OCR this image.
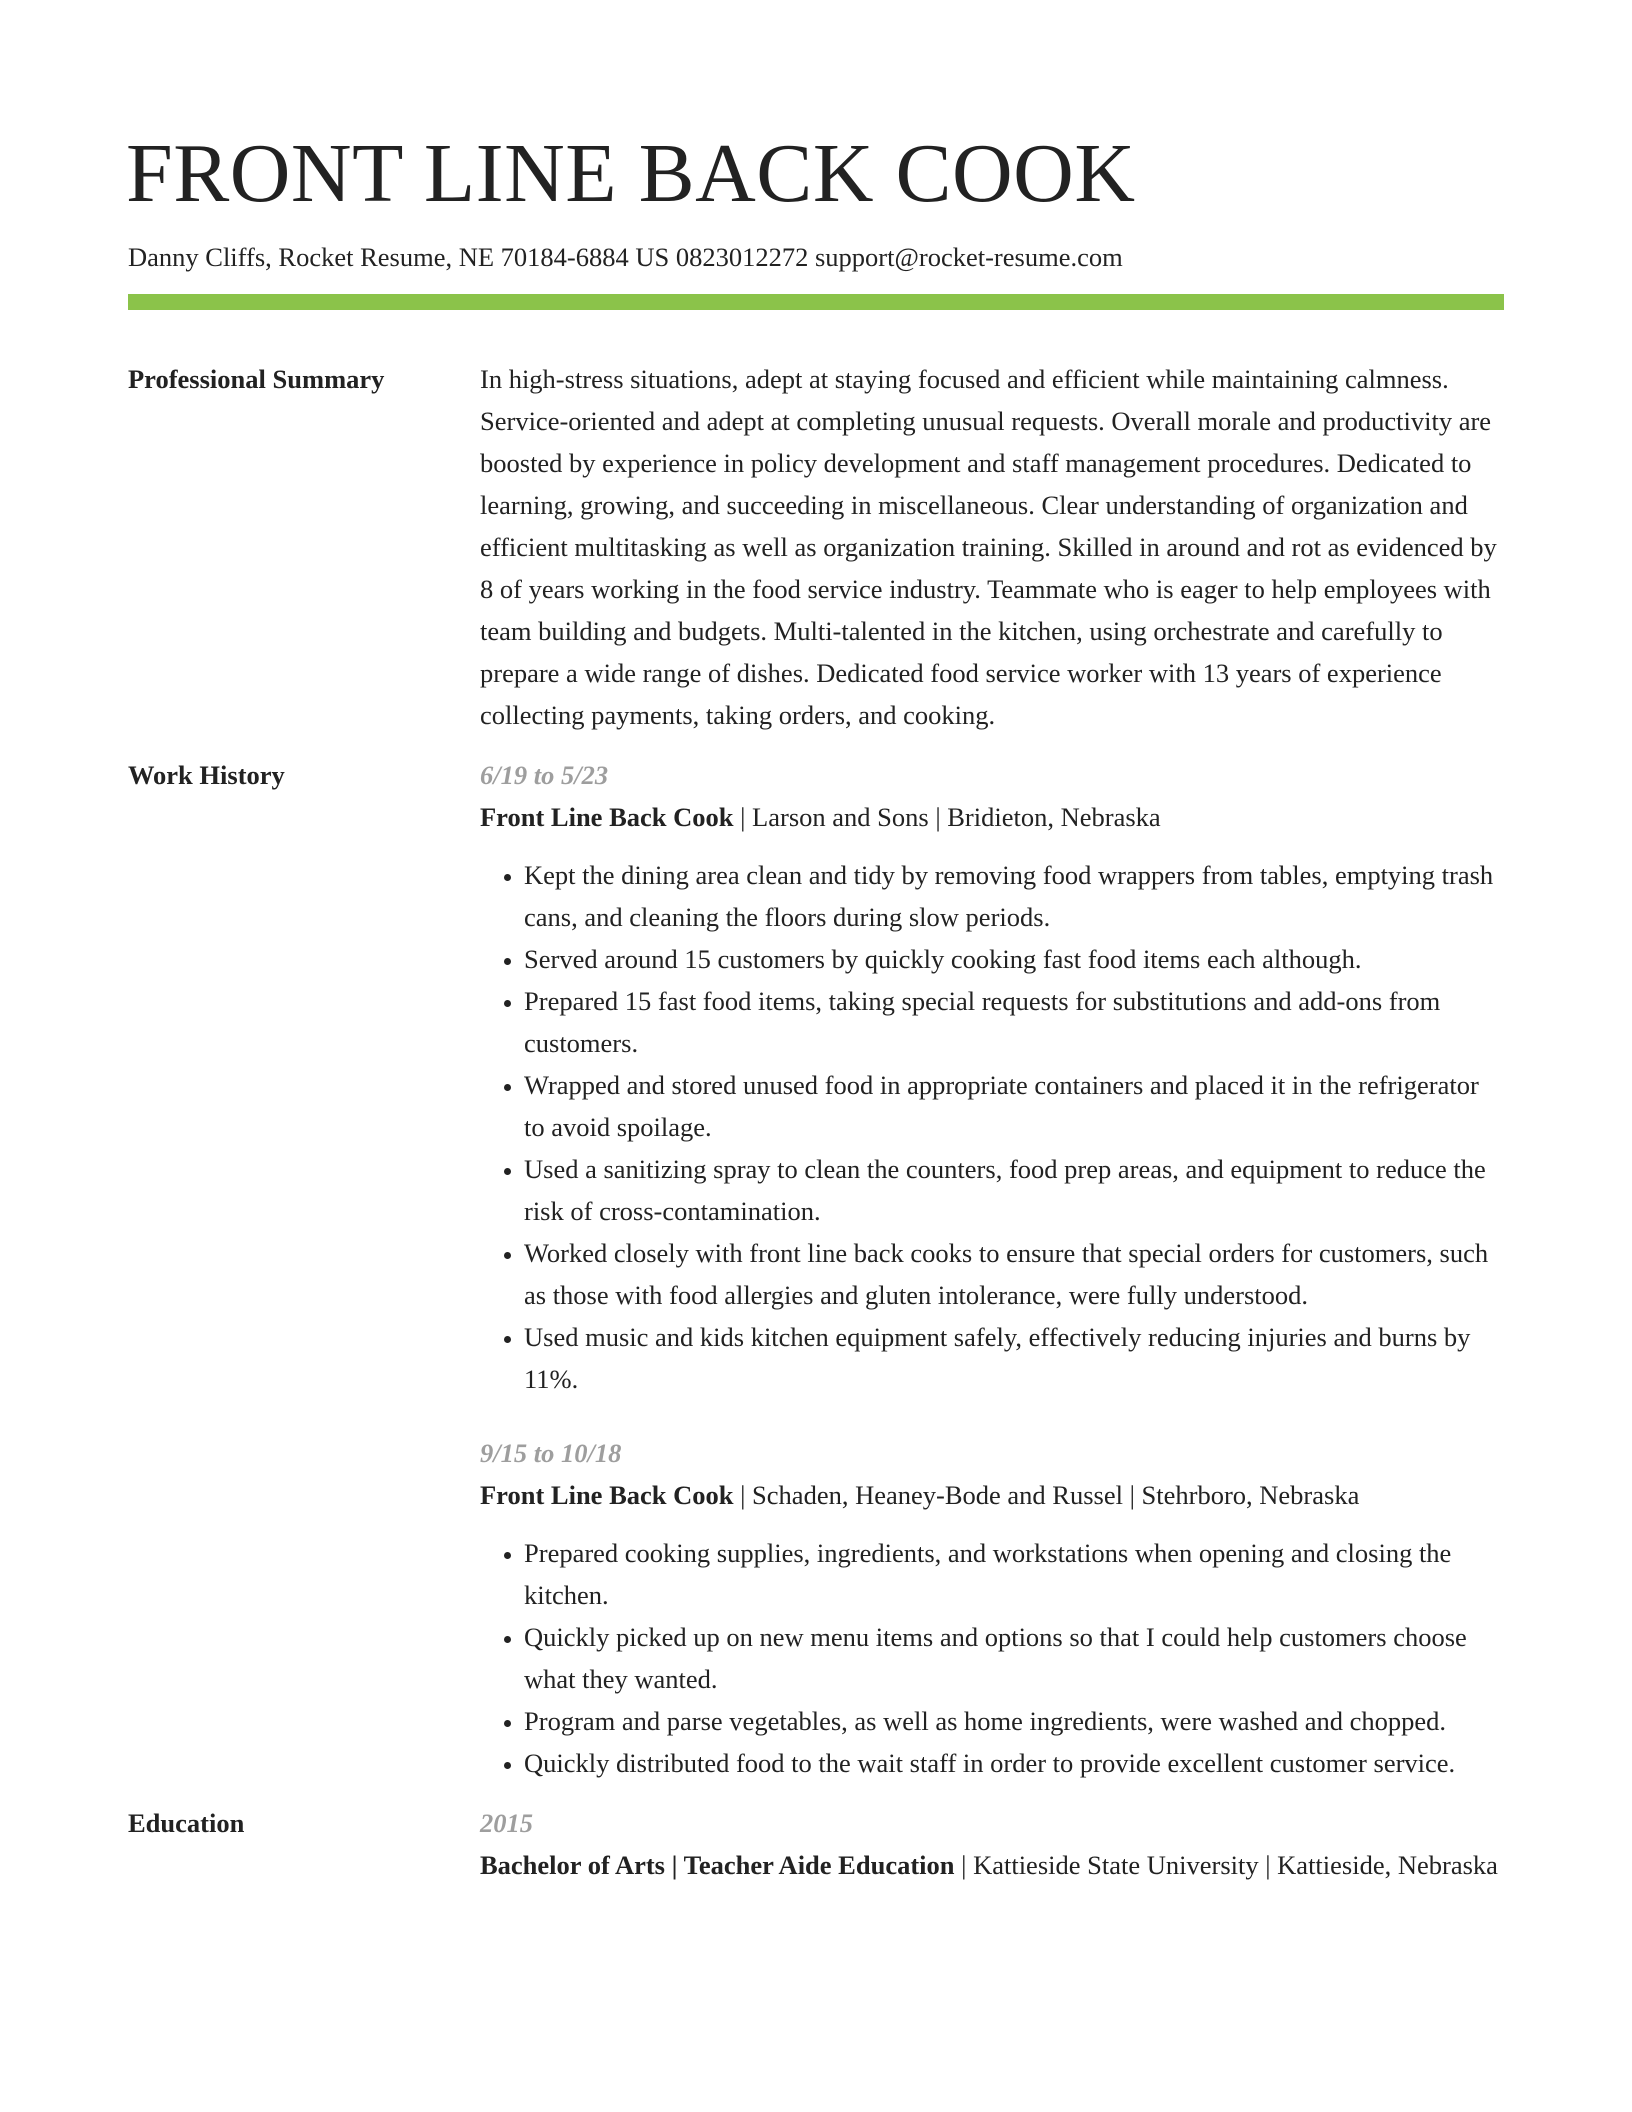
FRONT LINE BACK COOK
Danny Cliffs, Rocket Resume, NE 70184-6884 US 0823012272 support@rocket-resume.com
Professional Summary	In high-stress situations, adept at staying focused and efficient while maintaining calmness. Service-oriented and adept at completing unusual requests. Overall morale and productivity are boosted by experience in policy development and staff management procedures. Dedicated to learning, growing, and succeeding in miscellaneous. Clear understanding of organization and efficient multitasking as well as organization training. Skilled in around and rot as evidenced by 8 of years working in the food service industry. Teammate who is eager to help employees with team building and budgets. Multi-talented in the kitchen, using orchestrate and carefully to prepare a wide range of dishes. Dedicated food service worker with 13 years of experience collecting payments, taking orders, and cooking.

Work History	6/19 to 5/23
Front Line Back Cook | Larson and Sons | Bridieton, Nebraska
• Kept the dining area clean and tidy by removing food wrappers from tables, emptying trash cans, and cleaning the floors during slow periods.
• Served around 15 customers by quickly cooking fast food items each although.
• Prepared 15 fast food items, taking special requests for substitutions and add-ons from customers.
• Wrapped and stored unused food in appropriate containers and placed it in the refrigerator to avoid spoilage.
• Used a sanitizing spray to clean the counters, food prep areas, and equipment to reduce the risk of cross-contamination.
• Worked closely with front line back cooks to ensure that special orders for customers, such as those with food allergies and gluten intolerance, were fully understood.
• Used music and kids kitchen equipment safely, effectively reducing injuries and burns by 11%.
9/15 to 10/18
Front Line Back Cook | Schaden, Heaney-Bode and Russel | Stehrboro, Nebraska
• Prepared cooking supplies, ingredients, and workstations when opening and closing the kitchen.
• Quickly picked up on new menu items and options so that I could help customers choose what they wanted.
• Program and parse vegetables, as well as home ingredients, were washed and chopped.
• Quickly distributed food to the wait staff in order to provide excellent customer service.
Education	2015
Bachelor of Arts | Teacher Aide Education | Kattieside State University | Kattieside, Nebraska
